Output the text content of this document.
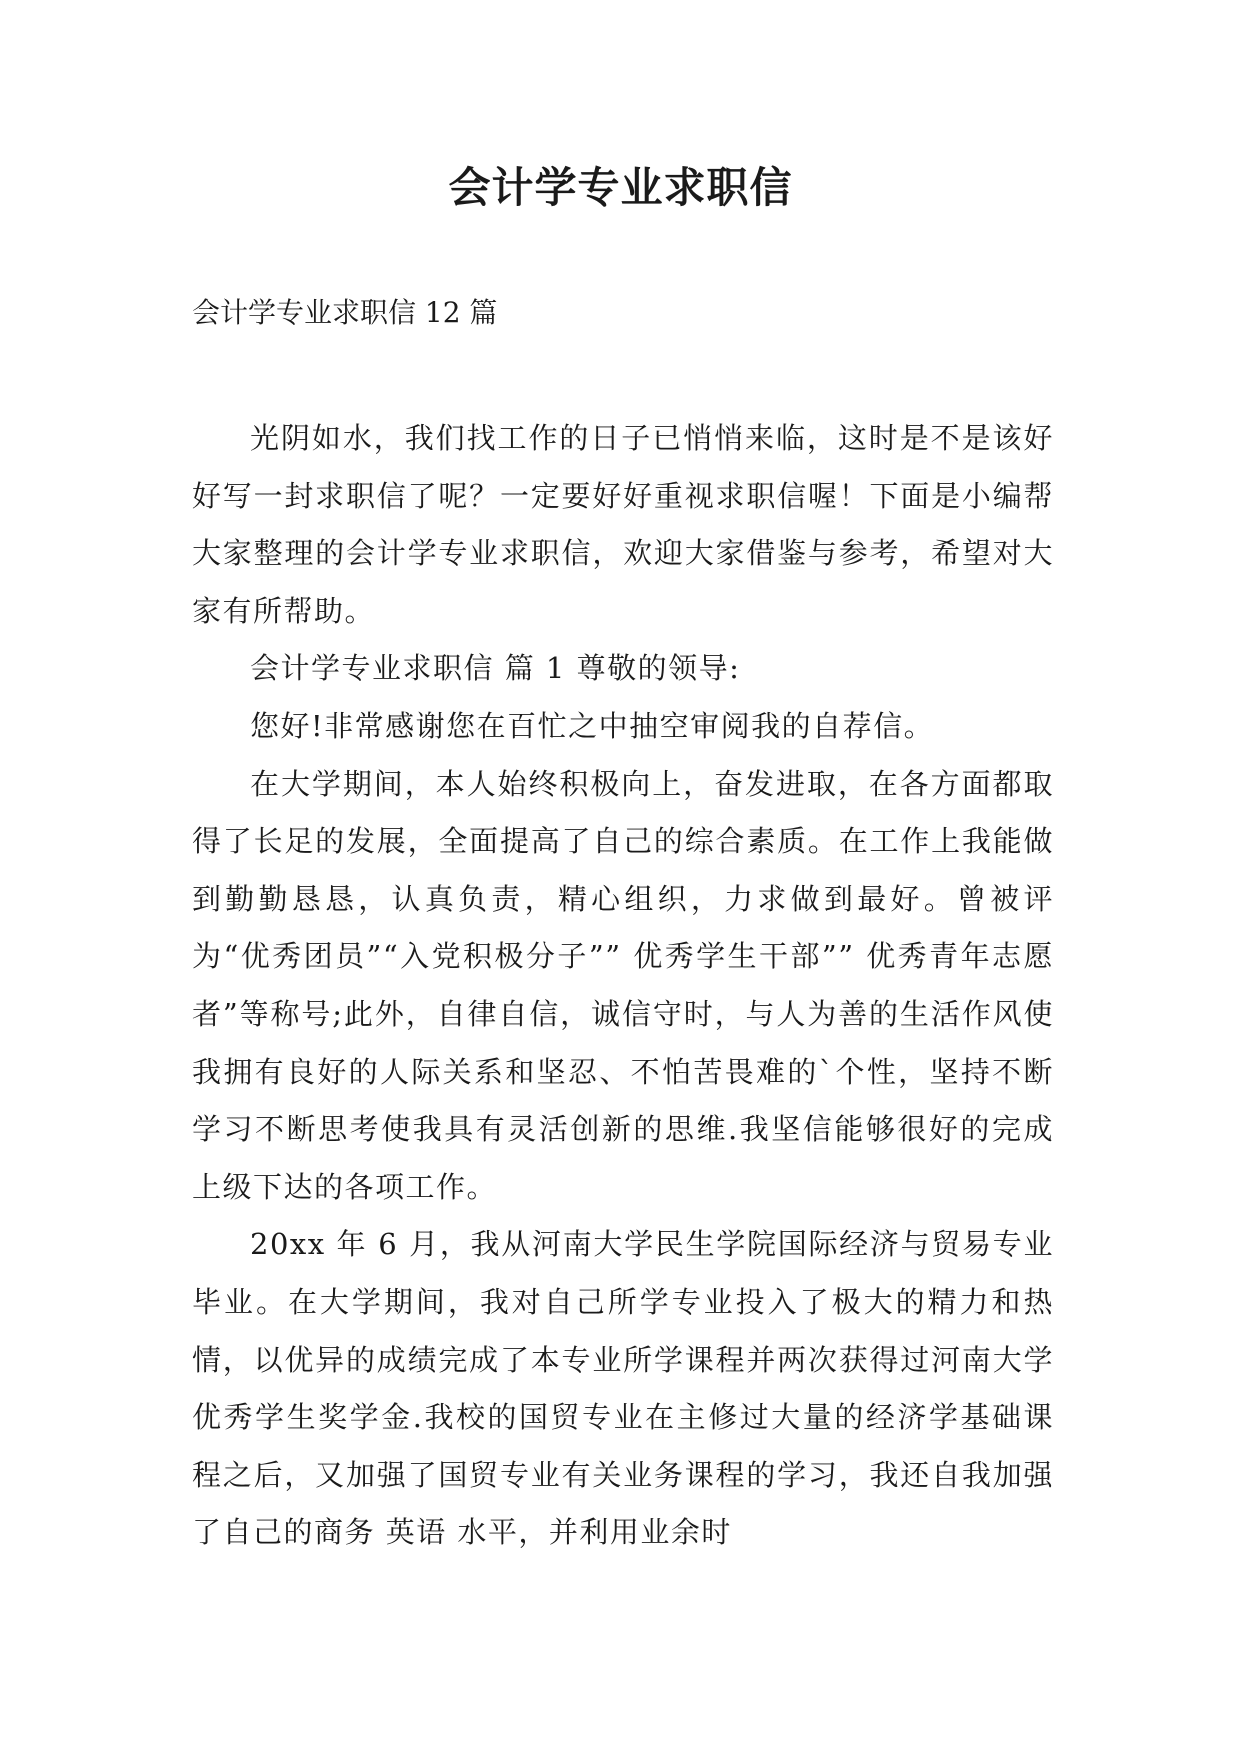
会计学专业求职信
会计学专业求职信 12 篇

光阴如水，我们找工作的日子已悄悄来临，这时是不是该好好写一封求职信了呢？一定要好好重视求职信喔！下面是小编帮大家整理的会计学专业求职信，欢迎大家借鉴与参考，希望对大家有所帮助。

会计学专业求职信 篇 1 尊敬的领导:

您好!非常感谢您在百忙之中抽空审阅我的自荐信。

在大学期间，本人始终积极向上，奋发进取，在各方面都取得了长足的发展，全面提高了自己的综合素质。在工作上我能做到勤勤恳恳，认真负责，精心组织，力求做到最好。曾被评为“优秀团员”“入党积极分子”” 优秀学生干部”” 优秀青年志愿者”等称号;此外，自律自信，诚信守时，与人为善的生活作风使我拥有良好的人际关系和坚忍、不怕苦畏难的`个性，坚持不断学习不断思考使我具有灵活创新的思维.我坚信能够很好的完成上级下达的各项工作。

20xx 年 6 月，我从河南大学民生学院国际经济与贸易专业毕业。在大学期间，我对自己所学专业投入了极大的精力和热情，以优异的成绩完成了本专业所学课程并两次获得过河南大学优秀学生奖学金.我校的国贸专业在主修过大量的经济学基础课程之后，又加强了国贸专业有关业务课程的学习，我还自我加强了自己的商务 英语 水平，并利用业余时
